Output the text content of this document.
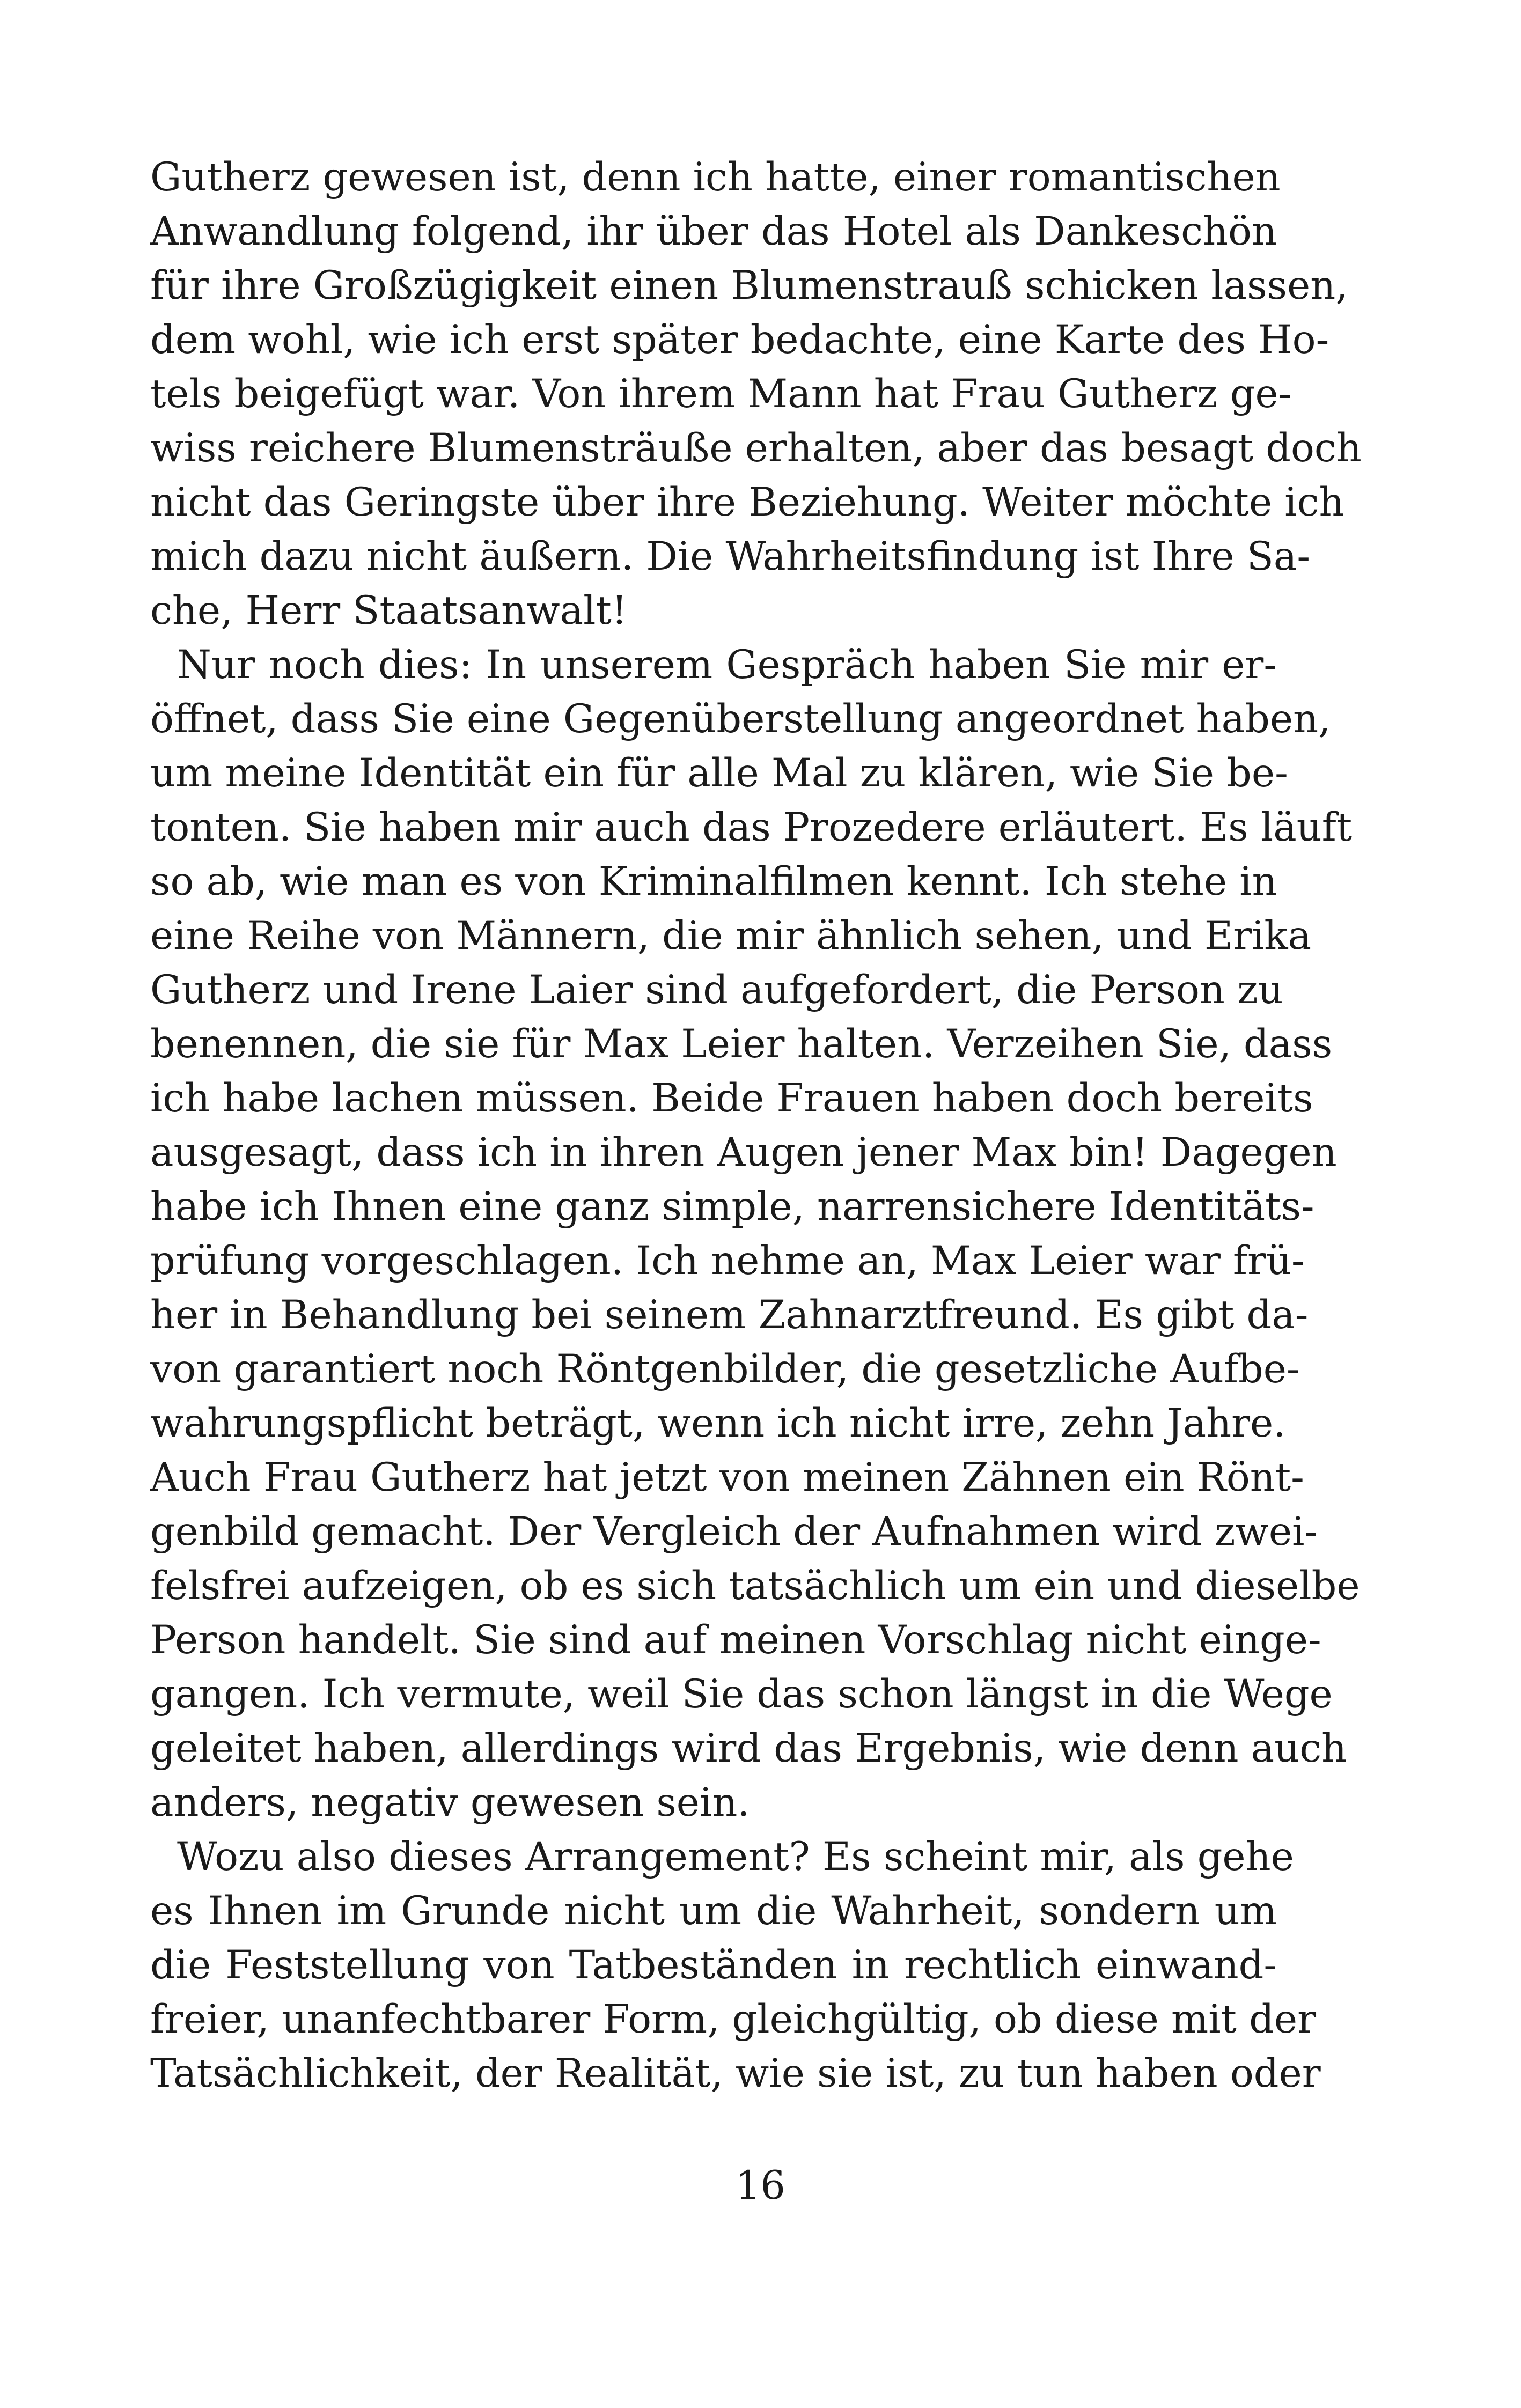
Gutherz gewesen ist, denn ich hatte, einer romantischen
Anwandlung folgend, ihr über das Hotel als Dankeschön
für ihre Großzügigkeit einen Blumenstrauß schicken lassen,
dem wohl, wie ich erst später bedachte, eine Karte des Ho-
tels beigefügt war. Von ihrem Mann hat Frau Gutherz ge-
wiss reichere Blumensträuße erhalten, aber das besagt doch
nicht das Geringste über ihre Beziehung. Weiter möchte ich
mich dazu nicht äußern. Die Wahrheitsfindung ist Ihre Sa-
che, Herr Staatsanwalt!
Nur noch dies: In unserem Gespräch haben Sie mir er-
öffnet, dass Sie eine Gegenüberstellung angeordnet haben,
um meine Identität ein für alle Mal zu klären, wie Sie be-
tonten. Sie haben mir auch das Prozedere erläutert. Es läuft
so ab, wie man es von Kriminalfilmen kennt. Ich stehe in
eine Reihe von Männern, die mir ähnlich sehen, und Erika
Gutherz und Irene Laier sind aufgefordert, die Person zu
benennen, die sie für Max Leier halten. Verzeihen Sie, dass
ich habe lachen müssen. Beide Frauen haben doch bereits
ausgesagt, dass ich in ihren Augen jener Max bin! Dagegen
habe ich Ihnen eine ganz simple, narrensichere Identitäts-
prüfung vorgeschlagen. Ich nehme an, Max Leier war frü-
her in Behandlung bei seinem Zahnarztfreund. Es gibt da-
von garantiert noch Röntgenbilder, die gesetzliche Aufbe-
wahrungspflicht beträgt, wenn ich nicht irre, zehn Jahre.
Auch Frau Gutherz hat jetzt von meinen Zähnen ein Rönt-
genbild gemacht. Der Vergleich der Aufnahmen wird zwei-
felsfrei aufzeigen, ob es sich tatsächlich um ein und dieselbe
Person handelt. Sie sind auf meinen Vorschlag nicht einge-
gangen. Ich vermute, weil Sie das schon längst in die Wege
geleitet haben, allerdings wird das Ergebnis, wie denn auch
anders, negativ gewesen sein.
Wozu also dieses Arrangement? Es scheint mir, als gehe
es Ihnen im Grunde nicht um die Wahrheit, sondern um
die Feststellung von Tatbeständen in rechtlich einwand-
freier, unanfechtbarer Form, gleichgültig, ob diese mit der
Tatsächlichkeit, der Realität, wie sie ist, zu tun haben oder
16
